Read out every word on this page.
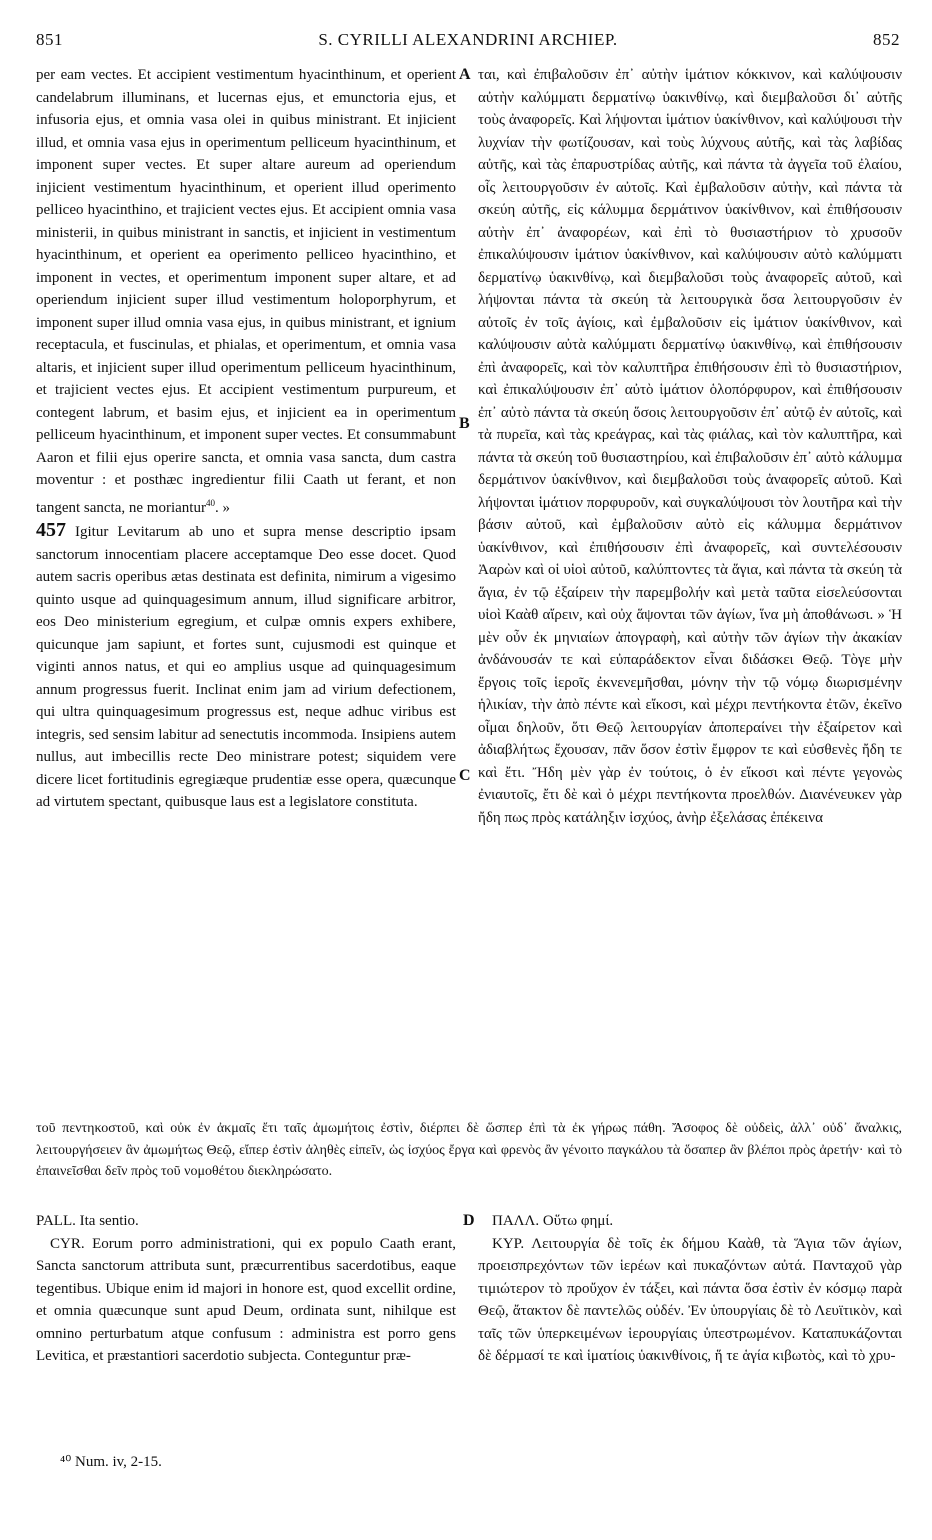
851	S. CYRILLI ALEXANDRINI ARCHIEP.	852

per eam vectes. Et accipient vestimentum hyacinthinum, et operient candelabrum illuminans, et lucernas ejus, et emunctoria ejus, et infusoria ejus, et omnia vasa olei in quibus ministrant. Et injicient illud, et omnia vasa ejus in operimentum pelliceum hyacinthinum, et imponent super vectes. Et super altare aureum ad operiendum injicient vestimentum hyacinthinum, et operient illud operimento pelliceo hyacinthino, et trajicient vectes ejus. Et accipient omnia vasa ministerii, in quibus ministrant in sanctis, et injicient in vestimentum hyacinthinum, et operient ea operimento pelliceo hyacinthino, et imponent in vectes, et operimentum imponent super altare, et ad operiendum injicient super illud vestimentum holoporphyrum, et imponent super illud omnia vasa ejus, in quibus ministrant, et ignium receptacula, et fuscinulas, et phialas, et operimentum, et omnia vasa altaris, et injicient super illud operimentum pelliceum hyacinthinum, et trajicient vectes ejus. Et accipient vestimentum purpureum, et contegent labrum, et basim ejus, et injicient ea in operimentum pelliceum hyacinthinum, et imponent super vectes. Et consummabunt Aaron et filii ejus operire sancta, et omnia vasa sancta, dum castra moventur : et posthæc ingredientur filii Caath ut ferant, et non tangent sancta, ne moriantur$^{40}$. »

457 Igitur Levitarum ab uno et supra mense descriptio ipsam sanctorum innocentiam placere acceptamque Deo esse docet. Quod autem sacris operibus ætas destinata est definita, nimirum a vigesimo quinto usque ad quinquagesimum annum, illud significare arbitror, eos Deo ministerium egregium, et culpæ omnis expers exhibere, quicunque jam sapiunt, et fortes sunt, cujusmodi est quinque et viginti annos natus, et qui eo amplius usque ad quinquagesimum annum progressus fuerit. Inclinat enim jam ad virium defectionem, qui ultra quinquagesimum progressus est, neque adhuc viribus est integris, sed sensim labitur ad senectutis incommoda. Insipiens autem nullus, aut imbecillis recte Deo ministrare potest; siquidem vere dicere licet fortitudinis egregiæque prudentiæ esse opera, quæcunque ad virtutem spectant, quibusque laus est a legislatore constituta.

A
B
C
D

ται, καὶ ἐπιβαλοῦσιν ἐπ᾽ αὐτὴν ἱμάτιον κόκκινον, καὶ καλύψουσιν αὐτὴν καλύμματι δερματίνῳ ὑακινθίνῳ, καὶ διεμβαλοῦσι δι᾽ αὐτῆς τοὺς ἀναφορεῖς. Καὶ λήψονται ἱμάτιον ὑακίνθινον, καὶ καλύψουσι τὴν λυχνίαν τὴν φωτίζουσαν, καὶ τοὺς λύχνους αὐτῆς, καὶ τὰς λαβίδας αὐτῆς, καὶ τὰς ἐπαρυστρίδας αὐτῆς, καὶ πάντα τὰ ἀγγεῖα τοῦ ἐλαίου, οἷς λειτουργοῦσιν ἐν αὐτοῖς. Καὶ ἐμβαλοῦσιν αὐτὴν, καὶ πάντα τὰ σκεύη αὐτῆς, εἰς κάλυμμα δερμάτινον ὑακίνθινον, καὶ ἐπιθήσουσιν αὐτὴν ἐπ᾽ ἀναφορέων, καὶ ἐπὶ τὸ θυσιαστήριον τὸ χρυσοῦν ἐπικαλύψουσιν ἱμάτιον ὑακίνθινον, καὶ καλύψουσιν αὐτὸ καλύμματι δερματίνῳ ὑακινθίνῳ, καὶ διεμβαλοῦσι τοὺς ἀναφορεῖς αὐτοῦ, καὶ λήψονται πάντα τὰ σκεύη τὰ λειτουργικὰ ὅσα λειτουργοῦσιν ἐν αὐτοῖς ἐν τοῖς ἁγίοις, καὶ ἐμβαλοῦσιν εἰς ἱμάτιον ὑακίνθινον, καὶ καλύψουσιν αὐτὰ καλύμματι δερματίνῳ ὑακινθίνῳ, καὶ ἐπιθήσουσιν ἐπὶ ἀναφορεῖς, καὶ τὸν καλυπτῆρα ἐπιθήσουσιν ἐπὶ τὸ θυσιαστήριον, καὶ ἐπικαλύψουσιν ἐπ᾽ αὐτὸ ἱμάτιον ὁλοπόρφυρον, καὶ ἐπιθήσουσιν ἐπ᾽ αὐτὸ πάντα τὰ σκεύη ὅσοις λειτουργοῦσιν ἐπ᾽ αὐτῷ ἐν αὐτοῖς, καὶ τὰ πυρεῖα, καὶ τὰς κρεάγρας, καὶ τὰς φιάλας, καὶ τὸν καλυπτῆρα, καὶ πάντα τὰ σκεύη τοῦ θυσιαστηρίου, καὶ ἐπιβαλοῦσιν ἐπ᾽ αὐτὸ κάλυμμα δερμάτινον ὑακίνθινον, καὶ διεμβαλοῦσι τοὺς ἀναφορεῖς αὐτοῦ. Καὶ λήψονται ἱμάτιον πορφυροῦν, καὶ συγκαλύψουσι τὸν λουτῆρα καὶ τὴν βάσιν αὐτοῦ, καὶ ἐμβαλοῦσιν αὐτὸ εἰς κάλυμμα δερμάτινον ὑακίνθινον, καὶ ἐπιθήσουσιν ἐπὶ ἀναφορεῖς, καὶ συντελέσουσιν Ἀαρὼν καὶ οἱ υἱοὶ αὐτοῦ, καλύπτοντες τὰ ἅγια, καὶ πάντα τὰ σκεύη τὰ ἅγια, ἐν τῷ ἐξαίρειν τὴν παρεμβολήν καὶ μετὰ ταῦτα εἰσελεύσονται υἱοὶ Καὰθ αἴρειν, καὶ οὐχ ἅψονται τῶν ἁγίων, ἵνα μὴ ἀποθάνωσι. » Ἡ μὲν οὖν ἐκ μηνιαίων ἀπογραφὴ, καὶ αὐτὴν τῶν ἁγίων τὴν ἀκακίαν ἀνδάνουσάν τε καὶ εὐπαράδεκτον εἶναι διδάσκει Θεῷ. Τὸγε μὴν ἔργοις τοῖς ἱεροῖς ἐκνενεμῆσθαι, μόνην τὴν τῷ νόμῳ διωρισμένην ἡλικίαν, τὴν ἀπὸ πέντε καὶ εἴκοσι, καὶ μέχρι πεντήκοντα ἐτῶν, ἐκεῖνο οἶμαι δηλοῦν, ὅτι Θεῷ λειτουργίαν ἀποπεραίνει τὴν ἐξαίρετον καὶ ἀδιαβλήτως ἔχουσαν, πᾶν ὅσον ἐστὶν ἔμφρον τε καὶ εὐσθενὲς ἤδη τε καὶ ἔτι. Ἤδη μὲν γὰρ ἐν τούτοις, ὁ ἐν εἴκοσι καὶ πέντε γεγονὼς ἐνιαυτοῖς, ἔτι δὲ καὶ ὁ μέχρι πεντήκοντα προελθών. Διανένευκεν γὰρ ἤδη πως πρὸς κατάληξιν ἰσχύος, ἀνὴρ ἐξελάσας ἐπέκεινα

τοῦ πεντηκοστοῦ, καὶ οὐκ ἐν ἀκμαῖς ἔτι ταῖς ἀμωμήτοις ἐστὶν, διέρπει δὲ ὥσπερ ἐπὶ τὰ ἐκ γήρως πάθη. Ἄσοφος δὲ οὐδεὶς, ἀλλ᾽ οὐδ᾽ ἄναλκις, λειτουργήσειεν ἂν ἀμωμήτως Θεῷ, εἴπερ ἐστὶν ἀληθὲς εἰπεῖν, ὡς ἰσχύος ἔργα καὶ φρενὸς ἂν γένοιτο παγκάλου τὰ ὅσαπερ ἂν βλέποι πρὸς ἀρετήν· καὶ τὸ ἐπαινεῖσθαι δεῖν πρὸς τοῦ νομοθέτου διεκληρώσατο.

PALL. Ita sentio.

CYR. Eorum porro administrationi, qui ex populo Caath erant, Sancta sanctorum attributa sunt, præcurrentibus sacerdotibus, eaque tegentibus. Ubique enim id majori in honore est, quod excellit ordine, et omnia quæcunque sunt apud Deum, ordinata sunt, nihilque est omnino perturbatum atque confusum : administra est porro gens Levitica, et præstantiori sacerdotio subjecta. Conteguntur præ-

ΠΑΛΛ. Οὕτω φημί.

ΚΥΡ. Λειτουργία δὲ τοῖς ἐκ δήμου Καὰθ, τὰ Ἅγια τῶν ἁγίων, προεισπρεχόντων τῶν ἱερέων καὶ πυκαζόντων αὐτά. Πανταχοῦ γὰρ τιμιώτερον τὸ προὔχον ἐν τάξει, καὶ πάντα ὅσα ἐστὶν ἐν κόσμῳ παρὰ Θεῷ, ἄτακτον δὲ παντελῶς οὐδέν. Ἐν ὑπουργίαις δὲ τὸ Λευϊτικὸν, καὶ ταῖς τῶν ὑπερκειμένων ἱερουργίαις ὑπεστρωμένον. Καταπυκάζονται δὲ δέρμασί τε καὶ ἱματίοις ὑακινθίνοις, ἥ τε ἁγία κιβωτὸς, καὶ τὸ χρυ-

⁴⁰ Num. iv, 2-15.
